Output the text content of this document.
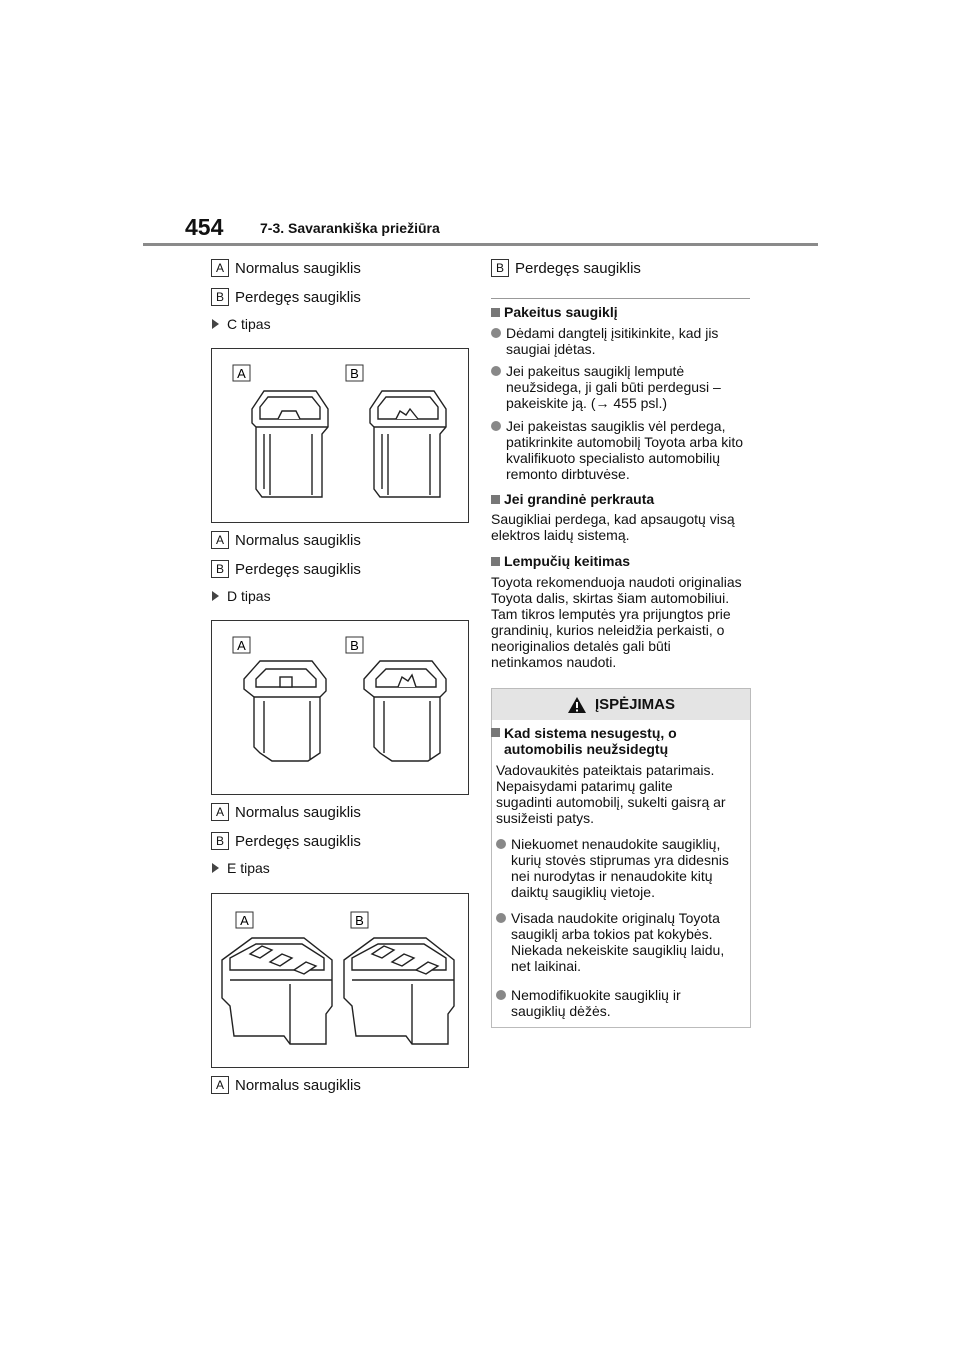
454	7-3. Savarankiška priežiūra
A Normalus saugiklis
B Perdegęs saugiklis
C tipas
A	B
A Normalus saugiklis
B Perdegęs saugiklis
D tipas
A	B
A Normalus saugiklis
B Perdegęs saugiklis
E tipas
A	B
A Normalus saugiklis
B Perdegęs saugiklis
Pakeitus saugiklį
Dėdami dangtelį įsitikinkite, kad jis
saugiai įdėtas.
Jei pakeitus saugiklį lemputė
neužsidega, ji gali būti perdegusi –
pakeiskite ją. (→ 455 psl.)
Jei pakeistas saugiklis vėl perdega,
patikrinkite automobilį Toyota arba kito
kvalifikuoto specialisto automobilių
remonto dirbtuvėse.
Jei grandinė perkrauta
Saugikliai perdega, kad apsaugotų visą
elektros laidų sistemą.
Lempučių keitimas
Toyota rekomenduoja naudoti originalias
Toyota dalis, skirtas šiam automobiliui.
Tam tikros lemputės yra prijungtos prie
grandinių, kurios neleidžia perkaisti, o
neoriginalios detalės gali būti
netinkamos naudoti.
ĮSPĖJIMAS
Kad sistema nesugestų, o
automobilis neužsidegtų
Vadovaukitės pateiktais patarimais.
Nepaisydami patarimų galite
sugadinti automobilį, sukelti gaisrą ar
susižeisti patys.
Niekuomet nenaudokite saugiklių,
kurių stovės stiprumas yra didesnis
nei nurodytas ir nenaudokite kitų
daiktų saugiklių vietoje.
Visada naudokite originalų Toyota
saugiklį arba tokios pat kokybės.
Niekada nekeiskite saugiklių laidu,
net laikinai.
Nemodifikuokite saugiklių ir
saugiklių dėžės.
